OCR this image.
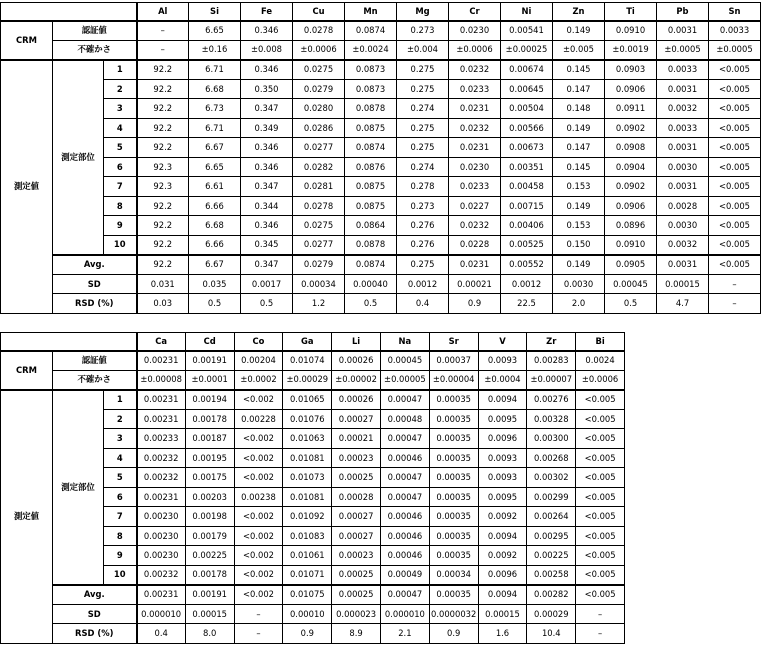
			Al	Si	Fe	Cu	Mn	Mg	Cr	Ni	Zn	Ti	Pb	Sn
CRM	認証値		–	6.65	0.346	0.0278	0.0874	0.273	0.0230	0.00541	0.149	0.0910	0.0031	0.0033
	不確かさ		–	±0.16	±0.008	±0.0006	±0.0024	±0.004	±0.0006	±0.00025	±0.005	±0.0019	±0.0005	±0.0005
測定値	測定部位	1	92.2	6.71	0.346	0.0275	0.0873	0.275	0.0232	0.00674	0.145	0.0903	0.0033	<0.005
		2	92.2	6.68	0.350	0.0279	0.0873	0.275	0.0233	0.00645	0.147	0.0906	0.0031	<0.005
		3	92.2	6.73	0.347	0.0280	0.0878	0.274	0.0231	0.00504	0.148	0.0911	0.0032	<0.005
		4	92.2	6.71	0.349	0.0286	0.0875	0.275	0.0232	0.00566	0.149	0.0902	0.0033	<0.005
		5	92.2	6.67	0.346	0.0277	0.0874	0.275	0.0231	0.00673	0.147	0.0908	0.0031	<0.005
		6	92.3	6.65	0.346	0.0282	0.0876	0.274	0.0230	0.00351	0.145	0.0904	0.0030	<0.005
		7	92.3	6.61	0.347	0.0281	0.0875	0.278	0.0233	0.00458	0.153	0.0902	0.0031	<0.005
		8	92.2	6.66	0.344	0.0278	0.0875	0.273	0.0227	0.00715	0.149	0.0906	0.0028	<0.005
		9	92.2	6.68	0.346	0.0275	0.0864	0.276	0.0232	0.00406	0.153	0.0896	0.0030	<0.005
		10	92.2	6.66	0.345	0.0277	0.0878	0.276	0.0228	0.00525	0.150	0.0910	0.0032	<0.005
	Avg.		92.2	6.67	0.347	0.0279	0.0874	0.275	0.0231	0.00552	0.149	0.0905	0.0031	<0.005
	SD		0.031	0.035	0.0017	0.00034	0.00040	0.0012	0.00021	0.0012	0.0030	0.00045	0.00015	–
	RSD (%)		0.03	0.5	0.5	1.2	0.5	0.4	0.9	22.5	2.0	0.5	4.7	–
			Ca	Cd	Co	Ga	Li	Na	Sr	V	Zr	Bi
CRM	認証値		0.00231	0.00191	0.00204	0.01074	0.00026	0.00045	0.00037	0.0093	0.00283	0.0024
	不確かさ		±0.00008	±0.0001	±0.0002	±0.00029	±0.00002	±0.00005	±0.00004	±0.0004	±0.00007	±0.0006
測定値	測定部位	1	0.00231	0.00194	<0.002	0.01065	0.00026	0.00047	0.00035	0.0094	0.00276	<0.005
		2	0.00231	0.00178	0.00228	0.01076	0.00027	0.00048	0.00035	0.0095	0.00328	<0.005
		3	0.00233	0.00187	<0.002	0.01063	0.00021	0.00047	0.00035	0.0096	0.00300	<0.005
		4	0.00232	0.00195	<0.002	0.01081	0.00023	0.00046	0.00035	0.0093	0.00268	<0.005
		5	0.00232	0.00175	<0.002	0.01073	0.00025	0.00047	0.00035	0.0093	0.00302	<0.005
		6	0.00231	0.00203	0.00238	0.01081	0.00028	0.00047	0.00035	0.0095	0.00299	<0.005
		7	0.00230	0.00198	<0.002	0.01092	0.00027	0.00046	0.00035	0.0092	0.00264	<0.005
		8	0.00230	0.00179	<0.002	0.01083	0.00027	0.00046	0.00035	0.0094	0.00295	<0.005
		9	0.00230	0.00225	<0.002	0.01061	0.00023	0.00046	0.00035	0.0092	0.00225	<0.005
		10	0.00232	0.00178	<0.002	0.01071	0.00025	0.00049	0.00034	0.0096	0.00258	<0.005
	Avg.		0.00231	0.00191	<0.002	0.01075	0.00025	0.00047	0.00035	0.0094	0.00282	<0.005
	SD		0.000010	0.00015	–	0.00010	0.000023	0.000010	0.0000032	0.00015	0.00029	–
	RSD (%)		0.4	8.0	–	0.9	8.9	2.1	0.9	1.6	10.4	–
